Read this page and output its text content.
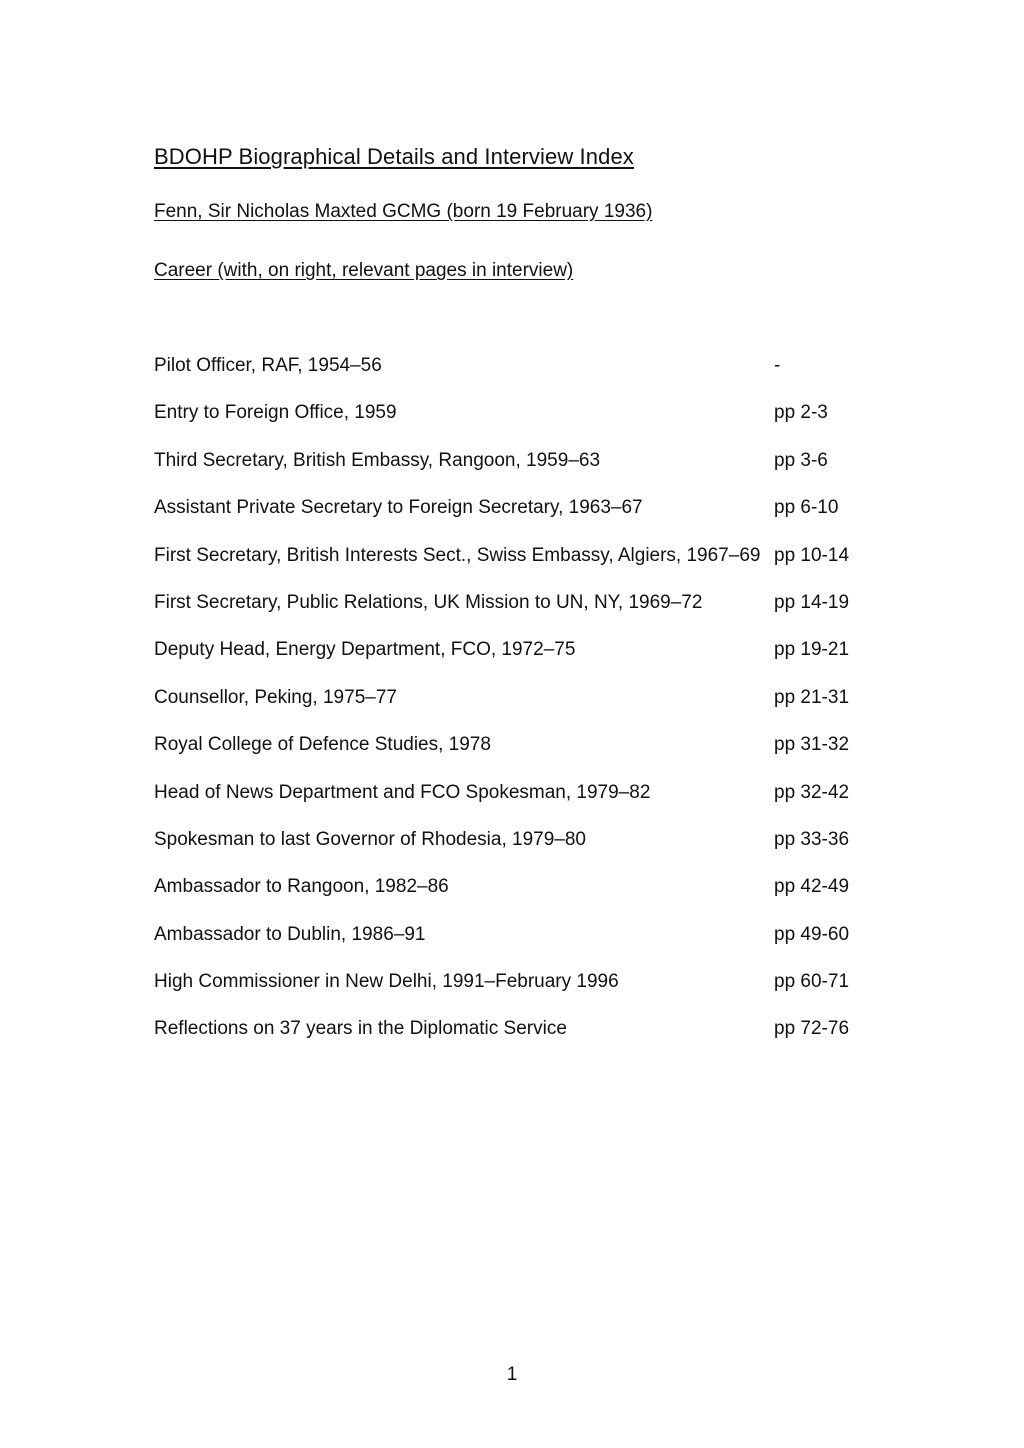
BDOHP Biographical Details and Interview Index
Fenn, Sir Nicholas Maxted GCMG (born 19 February 1936)
Career (with, on right, relevant pages in interview)
Pilot Officer, RAF, 1954–56	-
Entry to Foreign Office, 1959	pp 2-3
Third Secretary, British Embassy, Rangoon, 1959–63	pp 3-6
Assistant Private Secretary to Foreign Secretary, 1963–67	pp 6-10
First Secretary, British Interests Sect., Swiss Embassy, Algiers, 1967–69 pp 10-14
First Secretary, Public Relations, UK Mission to UN, NY, 1969–72	pp 14-19
Deputy Head, Energy Department, FCO, 1972–75	pp 19-21
Counsellor, Peking, 1975–77	pp 21-31
Royal College of Defence Studies, 1978	pp 31-32
Head of News Department and FCO Spokesman, 1979–82	pp 32-42
Spokesman to last Governor of Rhodesia, 1979–80	pp 33-36
Ambassador to Rangoon, 1982–86	pp 42-49
Ambassador to Dublin, 1986–91	pp 49-60
High Commissioner in New Delhi, 1991–February 1996	pp 60-71
Reflections on 37 years in the Diplomatic Service	pp 72-76
1
